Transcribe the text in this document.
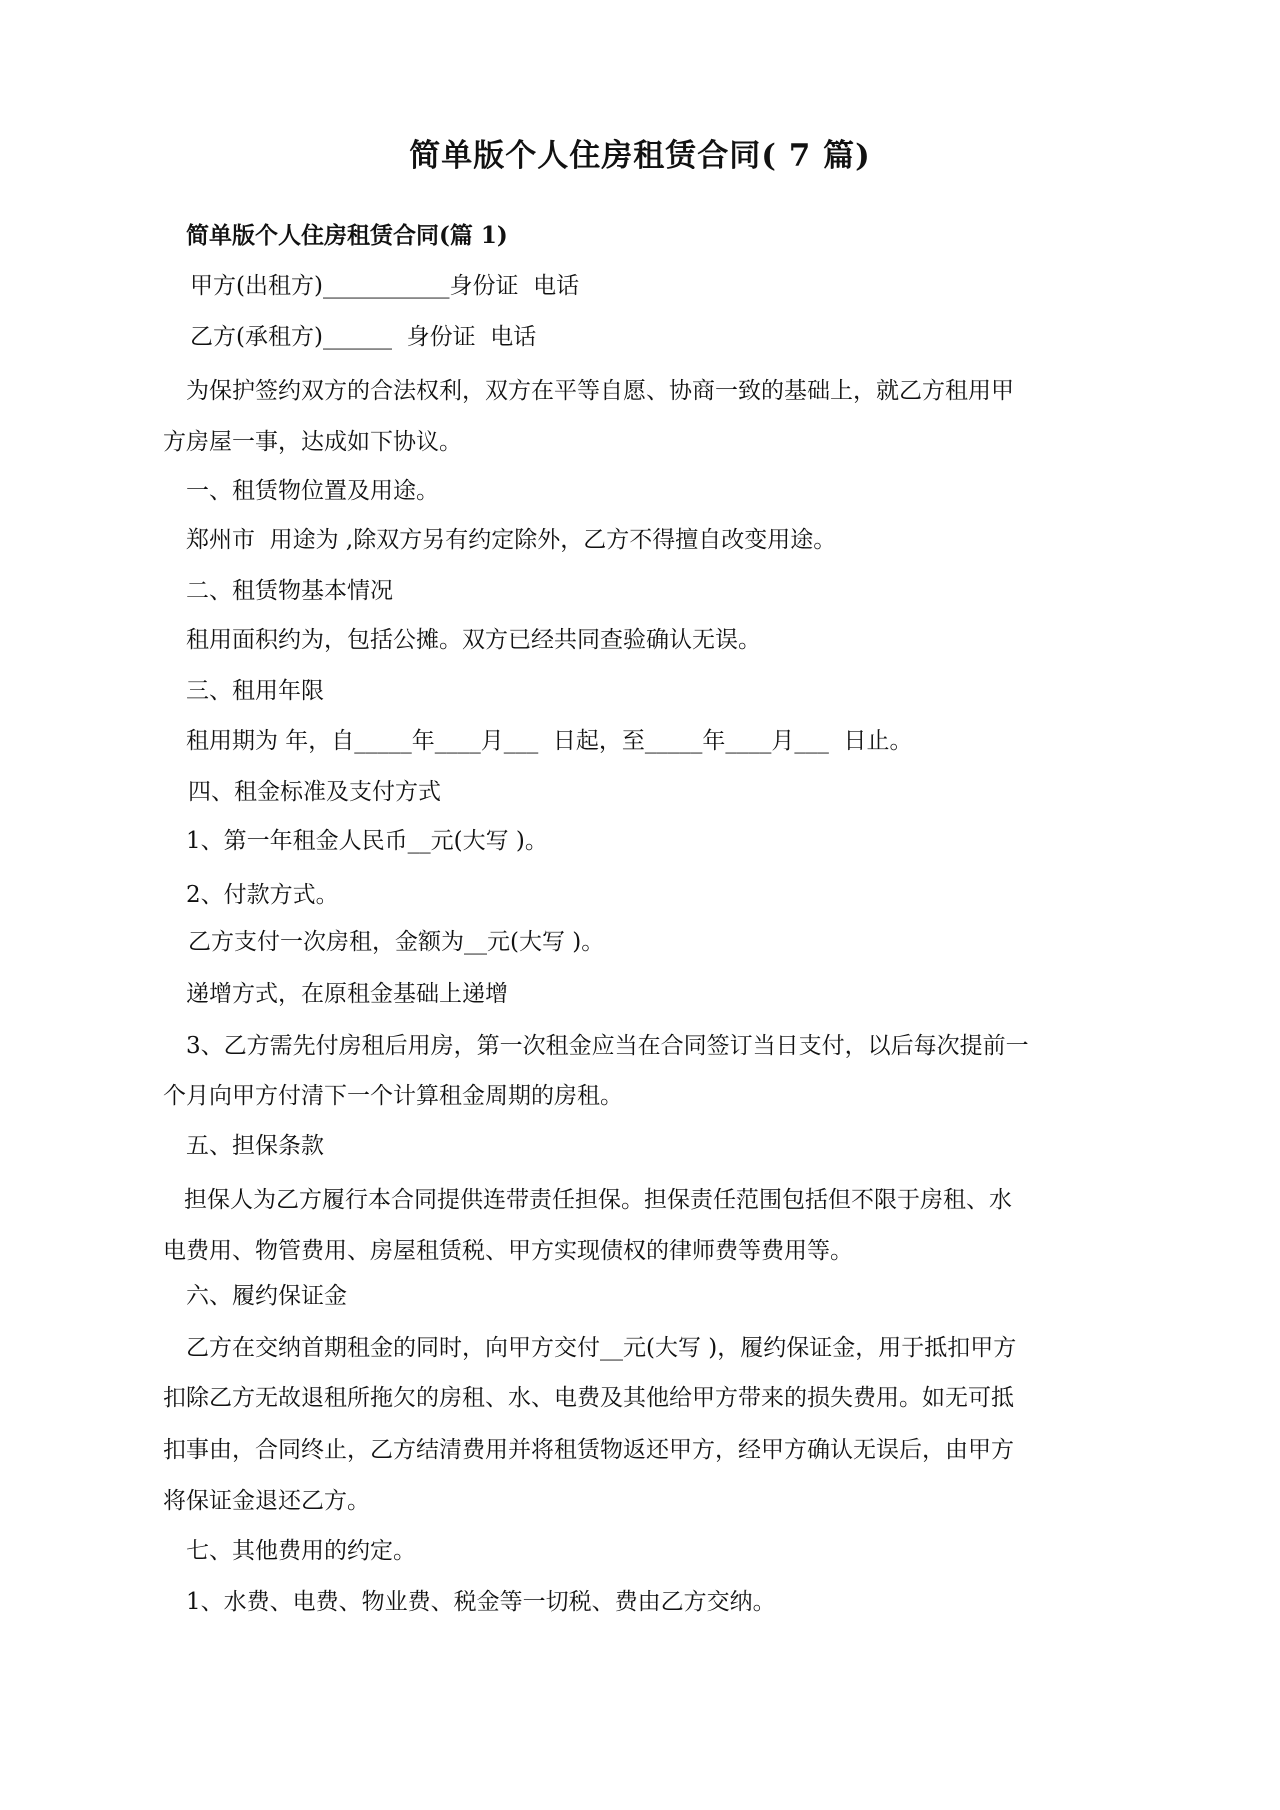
简单版个人住房租赁合同( 7 篇)
简单版个人住房租赁合同(篇 1)
甲方(出租方)___________身份证  电话
乙方(承租方)______  身份证  电话
为保护签约双方的合法权利，双方在平等自愿、协商一致的基础上，就乙方租用甲
方房屋一事，达成如下协议。
一、租赁物位置及用途。
郑州市  用途为 ,除双方另有约定除外，乙方不得擅自改变用途。
二、租赁物基本情况
租用面积约为，包括公摊。双方已经共同查验确认无误。
三、租用年限
租用期为 年，自_____年____月___  日起，至_____年____月___  日止。
四、租金标准及支付方式
1、第一年租金人民币__元(大写 )。
2、付款方式。
乙方支付一次房租，金额为__元(大写 )。
递增方式，在原租金基础上递增
3、乙方需先付房租后用房，第一次租金应当在合同签订当日支付，以后每次提前一
个月向甲方付清下一个计算租金周期的房租。
五、担保条款
担保人为乙方履行本合同提供连带责任担保。担保责任范围包括但不限于房租、水
电费用、物管费用、房屋租赁税、甲方实现债权的律师费等费用等。
六、履约保证金
乙方在交纳首期租金的同时，向甲方交付__元(大写 )，履约保证金，用于抵扣甲方
扣除乙方无故退租所拖欠的房租、水、电费及其他给甲方带来的损失费用。如无可抵
扣事由，合同终止，乙方结清费用并将租赁物返还甲方，经甲方确认无误后，由甲方
将保证金退还乙方。
七、其他费用的约定。
1、水费、电费、物业费、税金等一切税、费由乙方交纳。
